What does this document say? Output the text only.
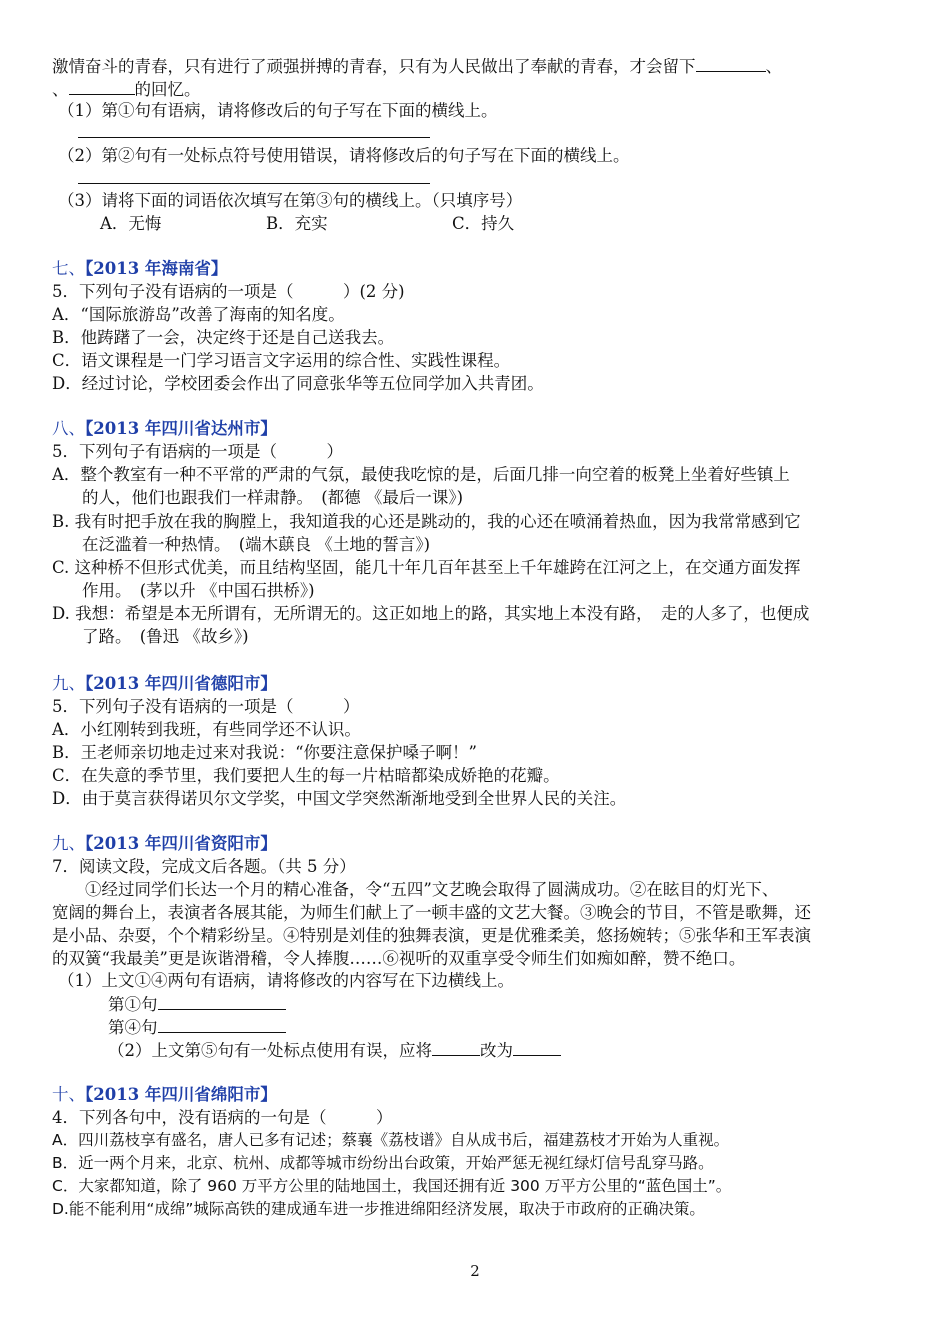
激情奋斗的青春，只有进行了顽强拼搏的青春，只有为人民做出了奉献的青春，才会留下	、
、	的回忆。
（1）第①句有语病，请将修改后的句子写在下面的横线上。
（2）第②句有一处标点符号使用错误，请将修改后的句子写在下面的横线上。
（3）请将下面的词语依次填写在第③句的横线上。（只填序号）
A．无悔	B．充实	C．持久
七、【2013 年海南省】
5．下列句子没有语病的一项是（　　　）(2 分)
A．“国际旅游岛”改善了海南的知名度。
B．他踌躇了一会，决定终于还是自己送我去。
C．语文课程是一门学习语言文字运用的综合性、实践性课程。
D．经过讨论，学校团委会作出了同意张华等五位同学加入共青团。
八、【2013 年四川省达州市】
5．下列句子有语病的一项是（　　　）
A．整个教室有一种不平常的严肃的气氛，最使我吃惊的是，后面几排一向空着的板凳上坐着好些镇上
的人，他们也跟我们一样肃静。　(都德 《最后一课》)
B. 我有时把手放在我的胸膛上，我知道我的心还是跳动的，我的心还在喷涌着热血，因为我常常感到它
在泛滥着一种热情。　(端木蕻良 《土地的誓言》)
C. 这种桥不但形式优美，而且结构坚固，能几十年几百年甚至上千年雄跨在江河之上，在交通方面发挥
作用。　(茅以升 《中国石拱桥》)
D. 我想：希望是本无所谓有，无所谓无的。这正如地上的路，其实地上本没有路，　走的人多了，也便成
了路。　(鲁迅 《故乡》)
九、【2013 年四川省德阳市】
5．下列句子没有语病的一项是（　　　）
A．小红刚转到我班，有些同学还不认识。
B．王老师亲切地走过来对我说：“你要注意保护嗓子啊！”
C．在失意的季节里，我们要把人生的每一片枯暗都染成娇艳的花瓣。
D．由于莫言获得诺贝尔文学奖，中国文学突然渐渐地受到全世界人民的关注。
九、【2013 年四川省资阳市】
7．阅读文段，完成文后各题。（共 5 分）
　　①经过同学们长达一个月的精心准备，令“五四”文艺晚会取得了圆满成功。②在眩目的灯光下、
宽阔的舞台上，表演者各展其能，为师生们献上了一顿丰盛的文艺大餐。③晚会的节目，不管是歌舞，还
是小品、杂耍，个个精彩纷呈。④特别是刘佳的独舞表演，更是优雅柔美，悠扬婉转；⑤张华和王军表演
的双簧“我最美”更是诙谐滑稽，令人捧腹……⑥视听的双重享受令师生们如痴如醉，赞不绝口。
（1）上文①④两句有语病，请将修改的内容写在下边横线上。
第①句
第④句
（2）上文第⑤句有一处标点使用有误，应将	改为
十、【2013 年四川省绵阳市】
4．下列各句中，没有语病的一句是（　　　）
A．四川荔枝享有盛名，唐人已多有记述；蔡襄《荔枝谱》自从成书后，福建荔枝才开始为人重视。
B．近一两个月来，北京、杭州、成都等城市纷纷出台政策，开始严惩无视红绿灯信号乱穿马路。
C．大家都知道，除了 960 万平方公里的陆地国土，我国还拥有近 300 万平方公里的“蓝色国土”。
D.能不能利用“成绵”城际高铁的建成通车进一步推进绵阳经济发展，取决于市政府的正确决策。
2
